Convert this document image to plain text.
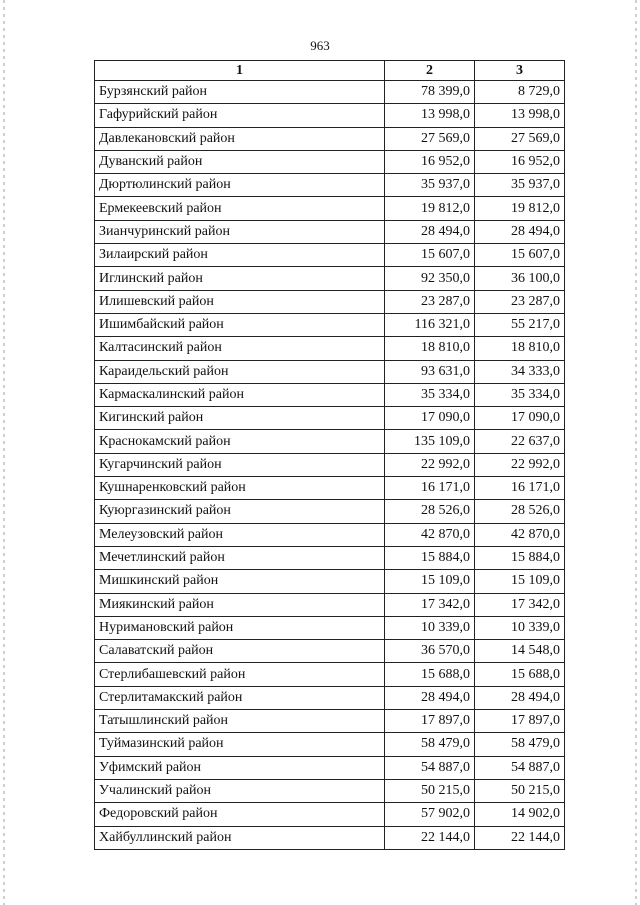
963
1	2	3
Бурзянский район	78 399,0	8 729,0
Гафурийский район	13 998,0	13 998,0
Давлекановский район	27 569,0	27 569,0
Дуванский район	16 952,0	16 952,0
Дюртюлинский район	35 937,0	35 937,0
Ермекеевский район	19 812,0	19 812,0
Зианчуринский район	28 494,0	28 494,0
Зилаирский район	15 607,0	15 607,0
Иглинский район	92 350,0	36 100,0
Илишевский район	23 287,0	23 287,0
Ишимбайский район	116 321,0	55 217,0
Калтасинский район	18 810,0	18 810,0
Караидельский район	93 631,0	34 333,0
Кармаскалинский район	35 334,0	35 334,0
Кигинский район	17 090,0	17 090,0
Краснокамский район	135 109,0	22 637,0
Кугарчинский район	22 992,0	22 992,0
Кушнаренковский район	16 171,0	16 171,0
Куюргазинский район	28 526,0	28 526,0
Мелеузовский район	42 870,0	42 870,0
Мечетлинский район	15 884,0	15 884,0
Мишкинский район	15 109,0	15 109,0
Миякинский район	17 342,0	17 342,0
Нуримановский район	10 339,0	10 339,0
Салаватский район	36 570,0	14 548,0
Стерлибашевский район	15 688,0	15 688,0
Стерлитамакский район	28 494,0	28 494,0
Татышлинский район	17 897,0	17 897,0
Туймазинский район	58 479,0	58 479,0
Уфимский район	54 887,0	54 887,0
Учалинский район	50 215,0	50 215,0
Федоровский район	57 902,0	14 902,0
Хайбуллинский район	22 144,0	22 144,0
